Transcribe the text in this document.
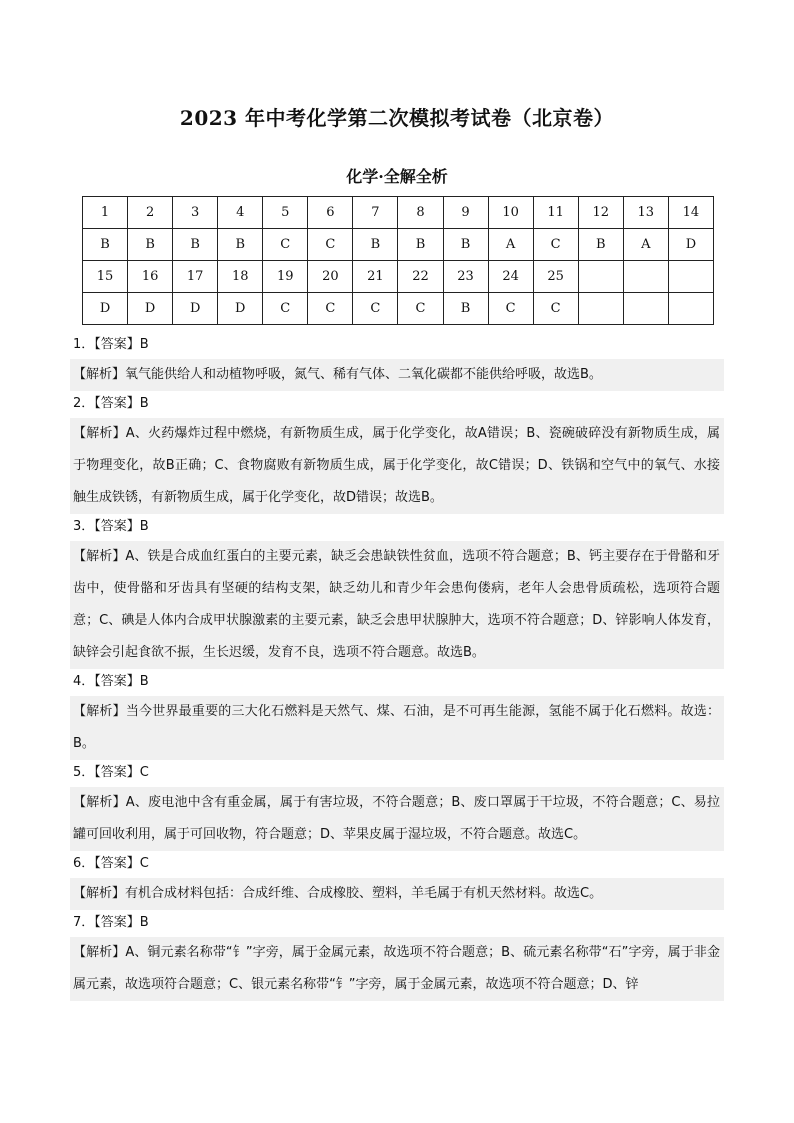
2023 年中考化学第二次模拟考试卷（北京卷）
化学·全解全析
1	2	3	4	5	6	7	8	9	10	11	12	13	14
B	B	B	B	C	C	B	B	B	A	C	B	A	D
15	16	17	18	19	20	21	22	23	24	25			
D	D	D	D	C	C	C	C	B	C	C			
1．【答案】B
【解析】氧气能供给人和动植物呼吸，氮气、稀有气体、二氧化碳都不能供给呼吸，故选B。
2．【答案】B
【解析】A、火药爆炸过程中燃烧，有新物质生成，属于化学变化，故A错误；B、瓷碗破碎没有新物质生成，属于物理变化，故B正确；C、食物腐败有新物质生成，属于化学变化，故C错误；D、铁锅和空气中的氧气、水接触生成铁锈，有新物质生成，属于化学变化，故D错误；故选B。
3．【答案】B
【解析】A、铁是合成血红蛋白的主要元素，缺乏会患缺铁性贫血，选项不符合题意；B、钙主要存在于骨骼和牙齿中，使骨骼和牙齿具有坚硬的结构支架，缺乏幼儿和青少年会患佝偻病，老年人会患骨质疏松，选项符合题意；C、碘是人体内合成甲状腺激素的主要元素，缺乏会患甲状腺肿大，选项不符合题意；D、锌影响人体发育，缺锌会引起食欲不振，生长迟缓，发育不良，选项不符合题意。故选B。
4．【答案】B
【解析】当今世界最重要的三大化石燃料是天然气、煤、石油，是不可再生能源，氢能不属于化石燃料。故选：B。
5．【答案】C
【解析】A、废电池中含有重金属，属于有害垃圾，不符合题意；B、废口罩属于干垃圾，不符合题意；C、易拉罐可回收利用，属于可回收物，符合题意；D、苹果皮属于湿垃圾，不符合题意。故选C。
6．【答案】C
【解析】有机合成材料包括：合成纤维、合成橡胶、塑料，羊毛属于有机天然材料。故选C。
7．【答案】B
【解析】A、铜元素名称带“钅”字旁，属于金属元素，故选项不符合题意；B、硫元素名称带“石”字旁，属于非金属元素，故选项符合题意；C、银元素名称带“钅”字旁，属于金属元素，故选项不符合题意；D、锌
